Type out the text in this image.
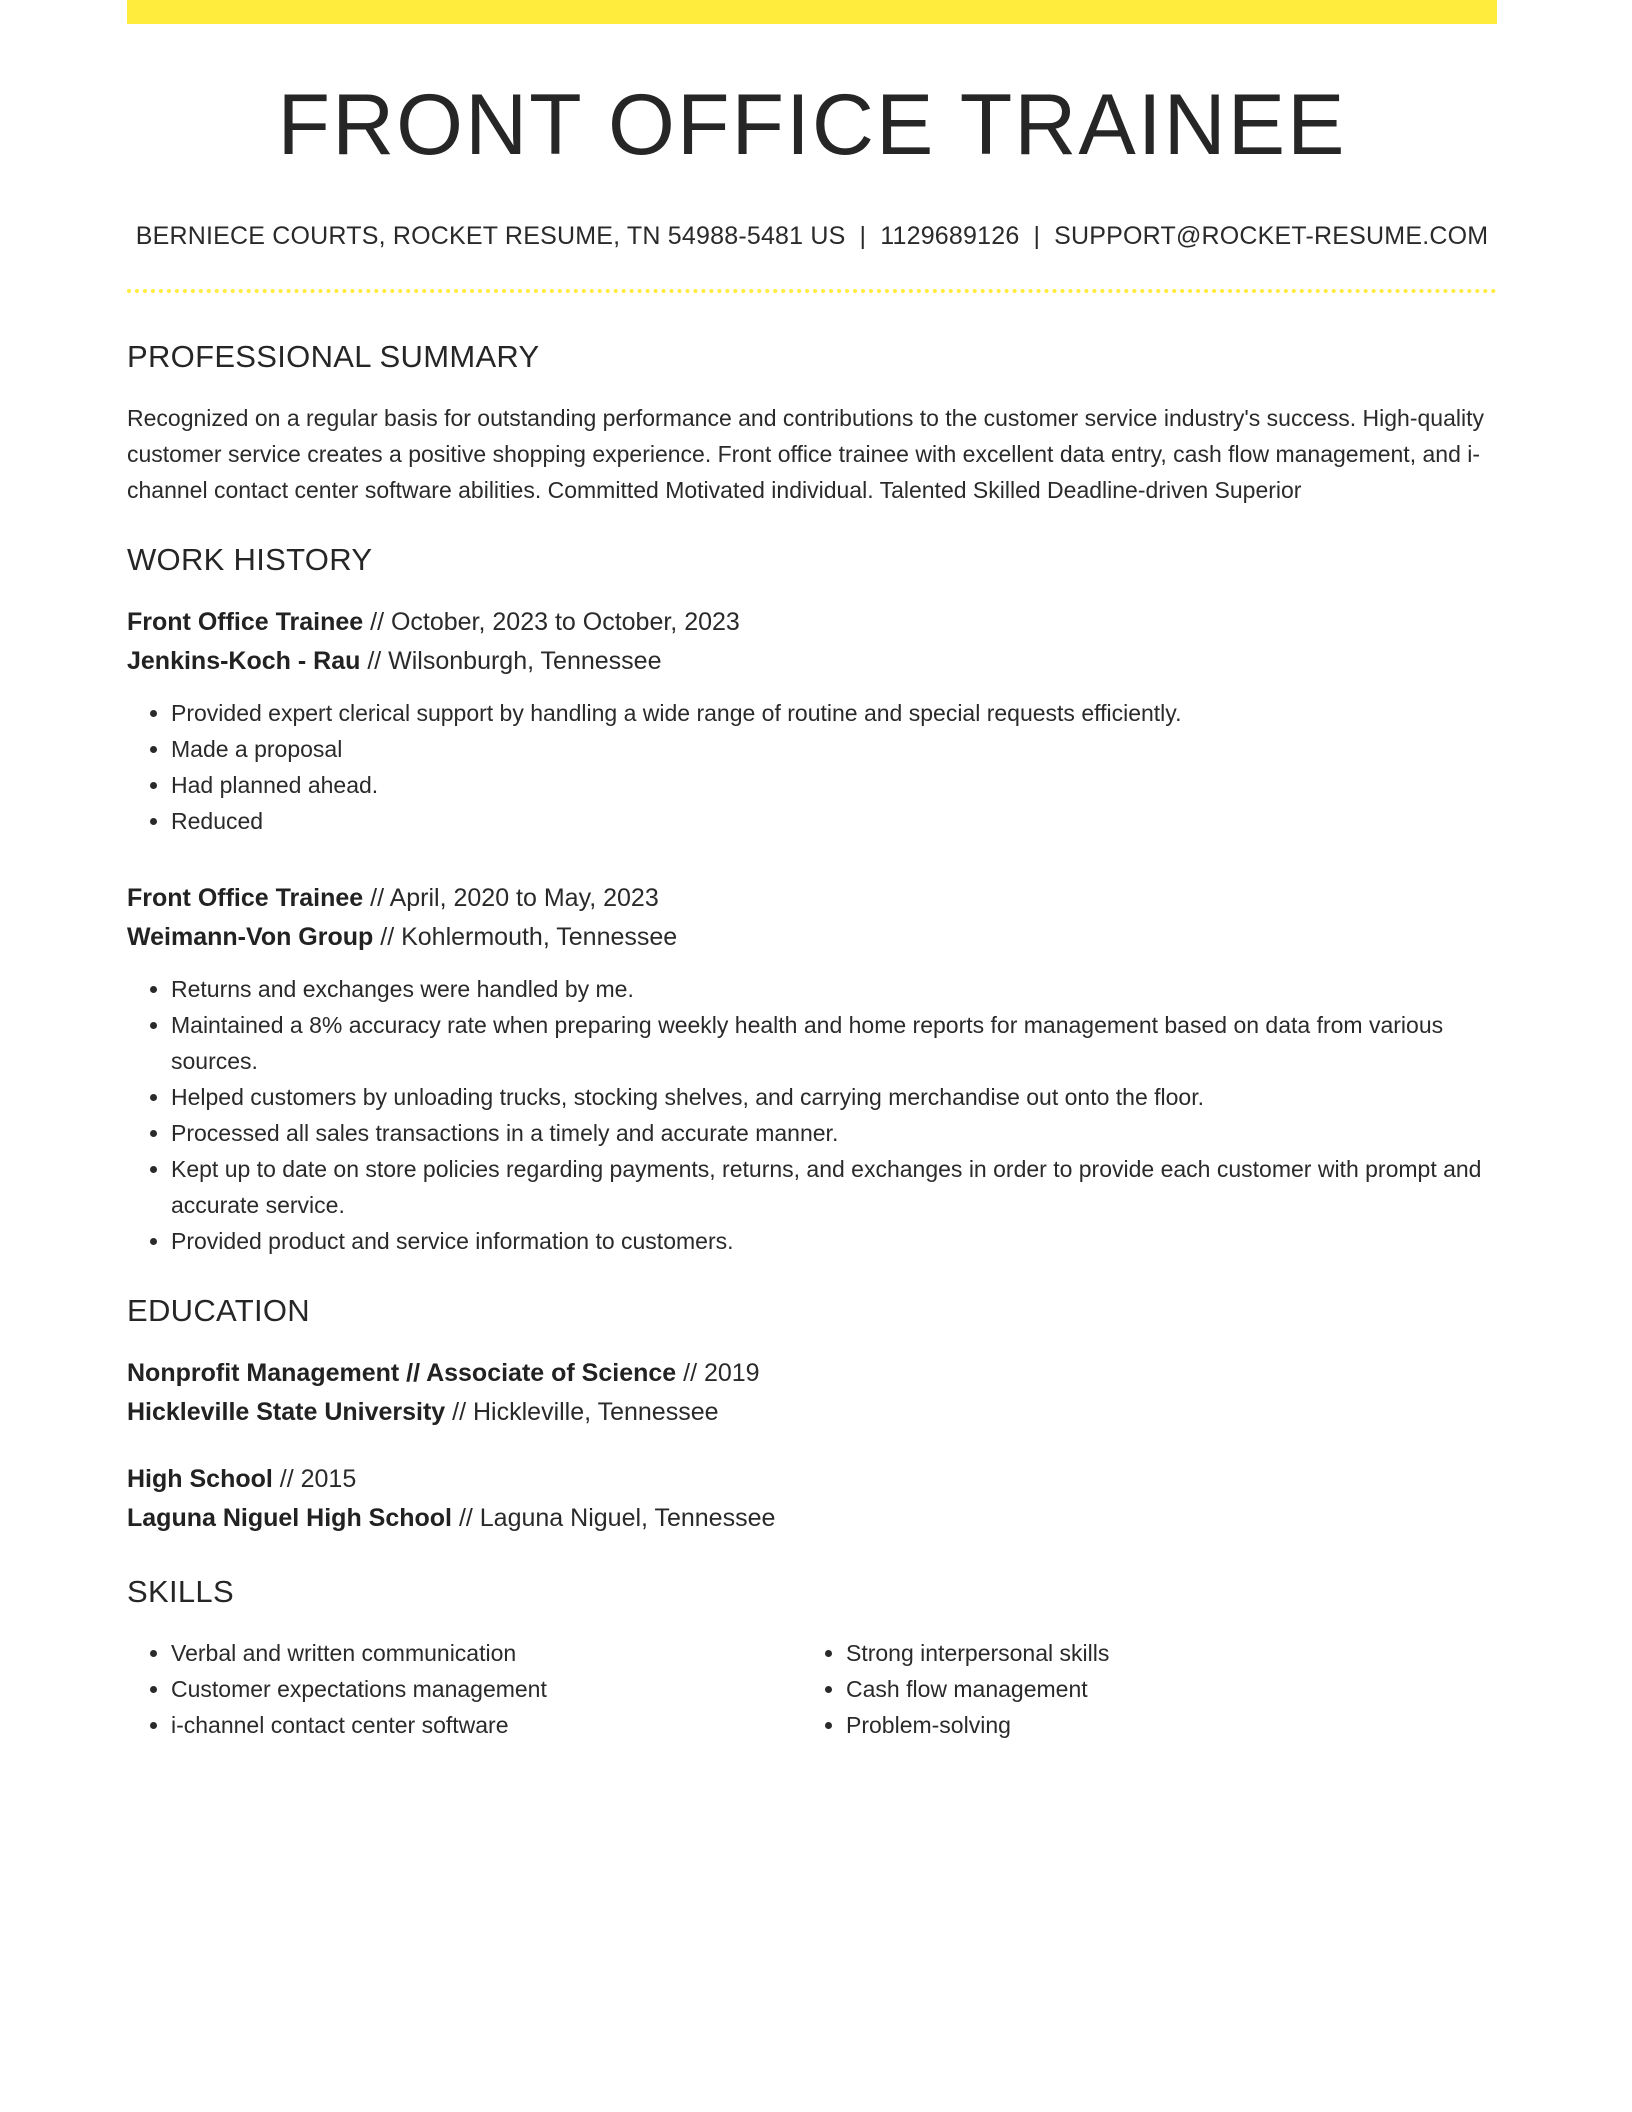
FRONT OFFICE TRAINEE
BERNIECE COURTS, ROCKET RESUME, TN 54988-5481 US | 1129689126 | SUPPORT@ROCKET-RESUME.COM
PROFESSIONAL SUMMARY
Recognized on a regular basis for outstanding performance and contributions to the customer service industry's success. High-quality customer service creates a positive shopping experience. Front office trainee with excellent data entry, cash flow management, and i-channel contact center software abilities. Committed Motivated individual. Talented Skilled Deadline-driven Superior
WORK HISTORY
Front Office Trainee // October, 2023 to October, 2023
Jenkins-Koch - Rau // Wilsonburgh, Tennessee
• Provided expert clerical support by handling a wide range of routine and special requests efficiently.
• Made a proposal
• Had planned ahead.
• Reduced
Front Office Trainee // April, 2020 to May, 2023
Weimann-Von Group // Kohlermouth, Tennessee
• Returns and exchanges were handled by me.
• Maintained a 8% accuracy rate when preparing weekly health and home reports for management based on data from various sources.
• Helped customers by unloading trucks, stocking shelves, and carrying merchandise out onto the floor.
• Processed all sales transactions in a timely and accurate manner.
• Kept up to date on store policies regarding payments, returns, and exchanges in order to provide each customer with prompt and accurate service.
• Provided product and service information to customers.
EDUCATION
Nonprofit Management // Associate of Science // 2019
Hickleville State University // Hickleville, Tennessee
High School // 2015
Laguna Niguel High School // Laguna Niguel, Tennessee
SKILLS
• Verbal and written communication
• Customer expectations management
• i-channel contact center software
• Strong interpersonal skills
• Cash flow management
• Problem-solving
